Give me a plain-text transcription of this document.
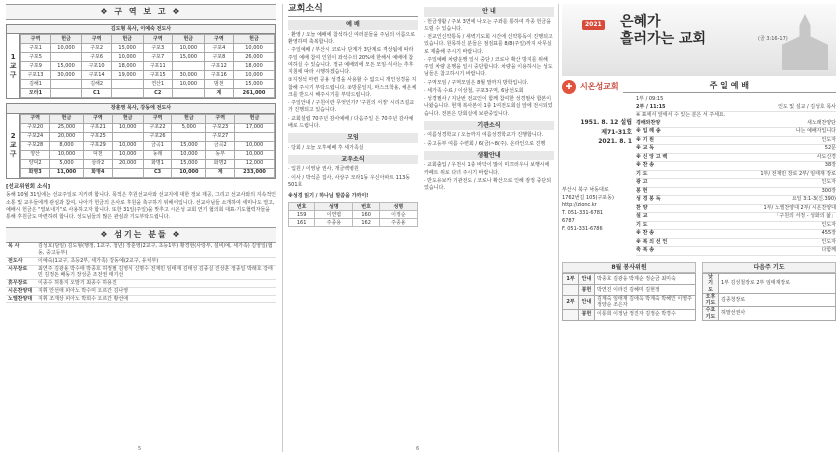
❖ 구 역 보 고 ❖
김도형 목사, 이예숙 전도사
1
교
구
구역	헌금	구역	헌금	구역	헌금	구역	헌금
구포1	10,000	구포2	15,000	구포3	10,000	구포4	10,000
구포5		구포6	10,000	구포7	15,000	구포8	26,000
구포9	15,000	구포10	18,000	구포11		구포12	18,000
구포13	30,000	구포14	19,000	구포15	30,000	구포16	10,000
김해1		김해2		연산1	10,000	범천	15,000
모라1		C1		C2		계	261,000
장훈영 목사, 강동에 전도사
2
교
구
구역	헌금	구역	헌금	구역	헌금	구역	헌금
구포20	25,000	구포21	10,000	구포22	5,000	구포23	17,000
구포24	20,000	구포25		구포26		구포27	
구포28	8,000	구포29	10,000	금곡1	15,000	금곡2	10,000
양산	10,000	덕천	10,000	동래	10,000	동부	10,000
양덕2	5,000	삼라2	20,000	화명1	15,000	화명2	12,000
화명3	11,000	화명4		C3	10,000	계	233,000
[선교위원회 소식]
동해 10월 31일에는 선교주일로 지키려 합니다. 목적은 후원선교사와 선교지에 대한 정보 제공, 그리고 선교사와의 지속적인 소통 및 교우들에게 관심과 참여, 나아가 헌금의 은사로 후원을 촉구하기 위해서입니다. 선교사님들 소개하여 세미나도 열고, 예배시 헌금은 "열보내기"로 사용하고자 합니다. 또한 31일(주일)을 맞추고 시온성 교회 연기 협의회 대표·기도협력자들을 통해 후원금도 마련하려 합니다. 성도님들의 많은 관심과 기도부탁드립니다.
❖ 섬기는 분들 ❖
목 사	김성호(담임) 김도형(행정, 1교구, 청년) 장훈영(2교구, 초등1부) 황경현(사랑부, 설비/예, 세가족) 김영일(협동, 중고등부)
전도사	이예숙(1교구, 초등2부, 세가족) 강동예(2교구, 유치부)
시무장로	최연주 김광용 박수태 박종호 허정필 김영식 신명수 전재민 임태재 김태성 김종실 진상훈 정종일 박래호 강태민 김정돈 배동기 장성준 조전권 태기선
휴무장로	이종수 허홍지 오말기 최종수 하용진
시온찬양대	지휘 안선애 피아노 박수미 오르간 김나영
노엘찬양대	지휘 조재상 피아노 박희수 오르간 황선애
5
교회소식
예 배
· 환영 / 오늘 예배에 참석하신 여러분들을 주님의 이름으로 환영하며 축복합니다.
· 주일예배 / 부산시 코로나 단계가 3단계로 격상됨에 따라 주일 예배 참여 인원이 좌석수의 20%에 한해서 예배에 참여하실 수 있습니다. 정규 예배외에 모든 모임·식사는 추후 지침에 따라 시행하겠습니다.
①지정석 마련 공용 성경을 사용할 수 없으니 개인성경을 지참해 주시기 부탁드립니다. ②방문일지, 마스크착용, 체온체크를 반드시 해주시기를 부탁드립니다.
· 주일안내 / 구원이란 무엇인가? '구원의 서정' 시리즈설교가 진행되고 있습니다.
· 교회설립 70주년 감사예배 / 다음주일 은 70주년 감사예배로 드립니다.
모임
· 당회 / 오늘 오후예배 후 세가족실
교우소식
· 입원 / 이영남 권사, 개금백병원
· 이사 / 박석준 집사, 사상구 모라1동 우신아파트 113동 501호
※성경 읽기 / 하나님 말씀을 가까이!
번호	성명	번호	성명
159	이연엽	160	이정순
161	주종용	162	주종용
안 내
· 헌금생활 / 주보 3면에 나오는 구좌를 통하여 각종 헌금을 드릴 수 있습니다.
· 전교인신약통독 / 새벽기도회 시간에 신약통독이 진행되고 있습니다. 원목하신 분들은 점검표를 8/8(주일)까지 사무실로 제출해 주시기 바랍니다.
· 주일예배 차량운행 일시 중단 / 코로나 확산 방지를 위해 주일 차량 운행을 일시 중단합니다. 차량을 이용하시는 성도님들은 참고하시기 바랍니다.
· 구역모임 / 구역모임은 8월 말까지 방학입니다.
· 세가족 수료 / 이상철, 구포3구역, 6남선도회
· 성경필사 / 지난번 전교인이 함께 참여한 성경필사 합본이 나왔습니다. 현재 복사본이 1층 1여전도회실 앞에 전시되었습니다. 전본은 당회실에 보관중입니다.
기관소식
· 여름성경학교 / 오늘까지 여름성경학교가 진행합니다.
· 중고등부 여름 수련회 / 6(금)~8(주). 온라인으로 진행
생활안내
· 교회출입 / 우천시 1층 바닥이 많이 미끄러우니 보행시에 카페트 위로 다녀 주시기 바랍니다.
· 반도유보카 기관전도 / 코로나 확산으로 인해 잠정 중단되었습니다.
6
2021 은혜가
흘러가는 교회	(골 3:16-17)
✚ 시온성교회	주 일 예 배
1951. 8. 12 설립
제71-31호
2021. 8. 1
부산시 북구 낙동대로
1762번길 105(구포동)
http://zionc.kr
T. 051-331-6781
6787
F. 051-331-6786
1부 / 09:15
2부 / 11:15	인도 및 설교 / 김성호 목사
※ 표에서 앞에서 수 있는 분은 서 주세요.
경배와찬양	새노래찬양단
※ 입 례 송	나는 예배자입니다
※ 기 원	인도자
※ 교 독	52문
※ 신 앙 고 백	사도신경
※ 찬 송	38장
기 도	1부/ 전재민 장로 2부/ 임태재 장로
광 고	인도자
봉 헌	300장
성 경 봉 독	요일 3:1-3(신.390)
찬 양	1부/ 노엘찬양대 2부/ 시온찬양대
설 교	「구원의 서정 - 성화의 삶」
기 도	인도자
※ 찬 송	455장
※ 복 의 선 언	인도자
축 복 송	다함께
8월 봉사위원
1부	안내	박종호 김광웅 박계순 정순금 최미숙
	봉헌	박연진 이라진 김혜미 김현정
2부	안내	김계숙 임태재 김애옥 박계숙 박혜인 이영주 정양순 조은자
	봉헌	이롱희 이정남 정진자 김정순 박경수
다음주 기도
낮 기 도	1부 김성철장로 2부 임태재장로
오후기도	김종청장로
수요기도	허말선권사
